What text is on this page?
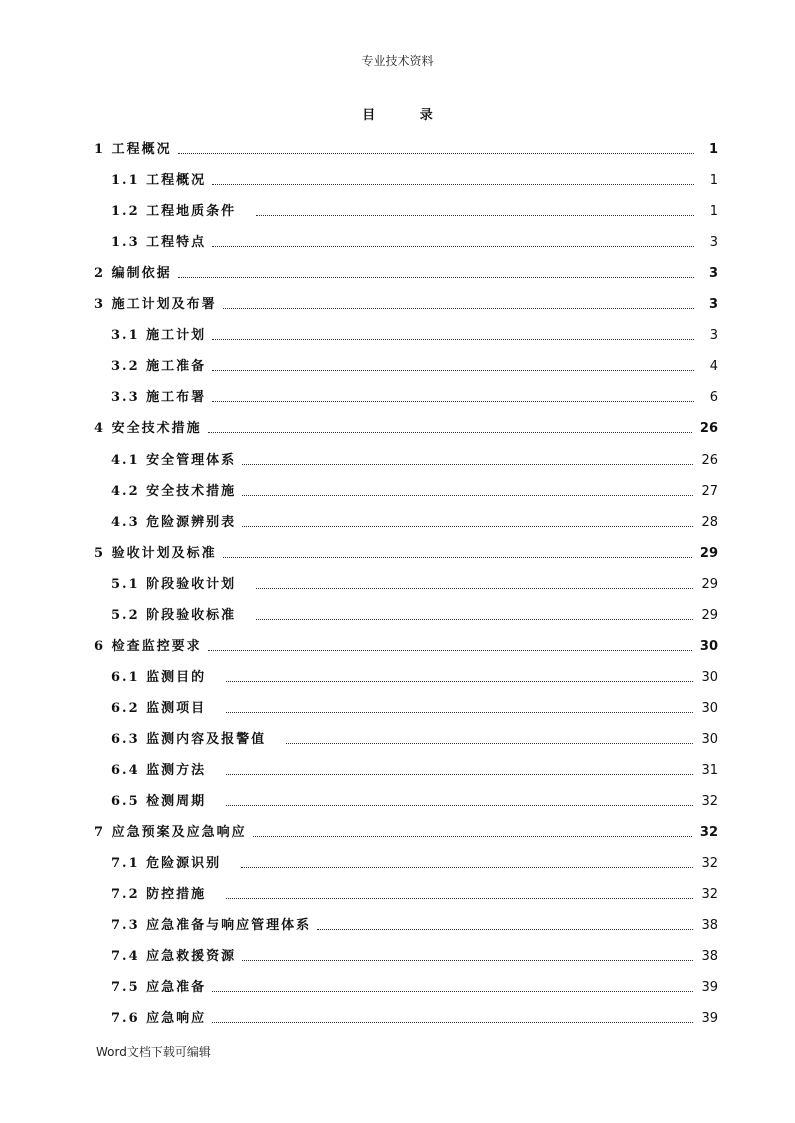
专业技术资料
目 录
1 工程概况	1
1.1 工程概况	1
1.2 工程地质条件	1
1.3 工程特点	3
2 编制依据	3
3 施工计划及布署	3
3.1 施工计划	3
3.2 施工准备	4
3.3 施工布署	6
4 安全技术措施	26
4.1 安全管理体系	26
4.2 安全技术措施	27
4.3 危险源辨别表	28
5 验收计划及标准	29
5.1 阶段验收计划	29
5.2 阶段验收标准	29
6 检查监控要求	30
6.1 监测目的	30
6.2 监测项目	30
6.3 监测内容及报警值	30
6.4 监测方法	31
6.5 检测周期	32
7 应急预案及应急响应	32
7.1 危险源识别	32
7.2 防控措施	32
7.3 应急准备与响应管理体系	38
7.4 应急救援资源	38
7.5 应急准备	39
7.6 应急响应	39
Word文档下载可编辑
